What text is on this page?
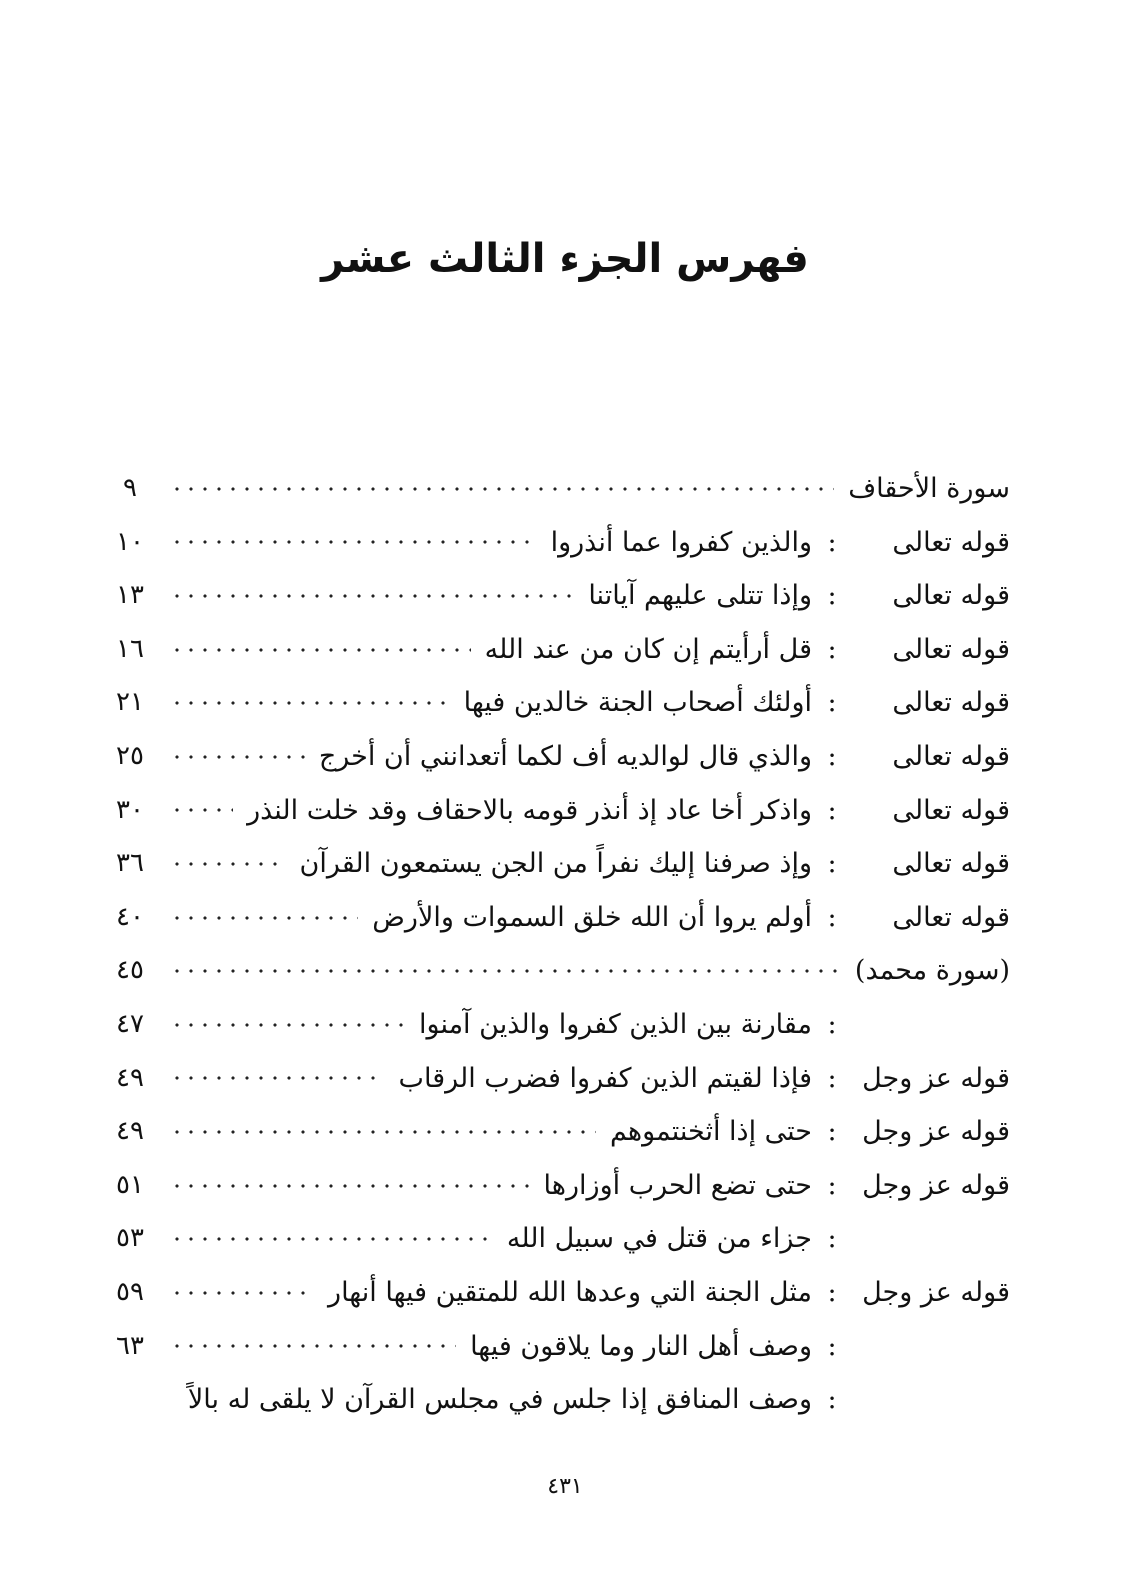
فهرس الجزء الثالث عشر
سورة الأحقاف
٩
قوله تعالى
:
والذين كفروا عما أنذروا
١٠
قوله تعالى
:
وإذا تتلى عليهم آياتنا
١٣
قوله تعالى
:
قل أرأيتم إن كان من عند الله
١٦
قوله تعالى
:
أولئك أصحاب الجنة خالدين فيها
٢١
قوله تعالى
:
والذي قال لوالديه أف لكما أتعدانني أن أخرج
٢٥
قوله تعالى
:
واذكر أخا عاد إذ أنذر قومه بالاحقاف وقد خلت النذر
٣٠
قوله تعالى
:
وإذ صرفنا إليك نفراً من الجن يستمعون القرآن
٣٦
قوله تعالى
:
أولم يروا أن الله خلق السموات والأرض
٤٠
(سورة محمد)
٤٥
:
مقارنة بين الذين كفروا والذين آمنوا
٤٧
قوله عز وجل
:
فإذا لقيتم الذين كفروا فضرب الرقاب
٤٩
قوله عز وجل
:
حتى إذا أثخنتموهم
٤٩
قوله عز وجل
:
حتى تضع الحرب أوزارها
٥١
:
جزاء من قتل في سبيل الله
٥٣
قوله عز وجل
:
مثل الجنة التي وعدها الله للمتقين فيها أنهار
٥٩
:
وصف أهل النار وما يلاقون فيها
٦٣
:
وصف المنافق إذا جلس في مجلس القرآن لا يلقى له بالاً
٤٣١
